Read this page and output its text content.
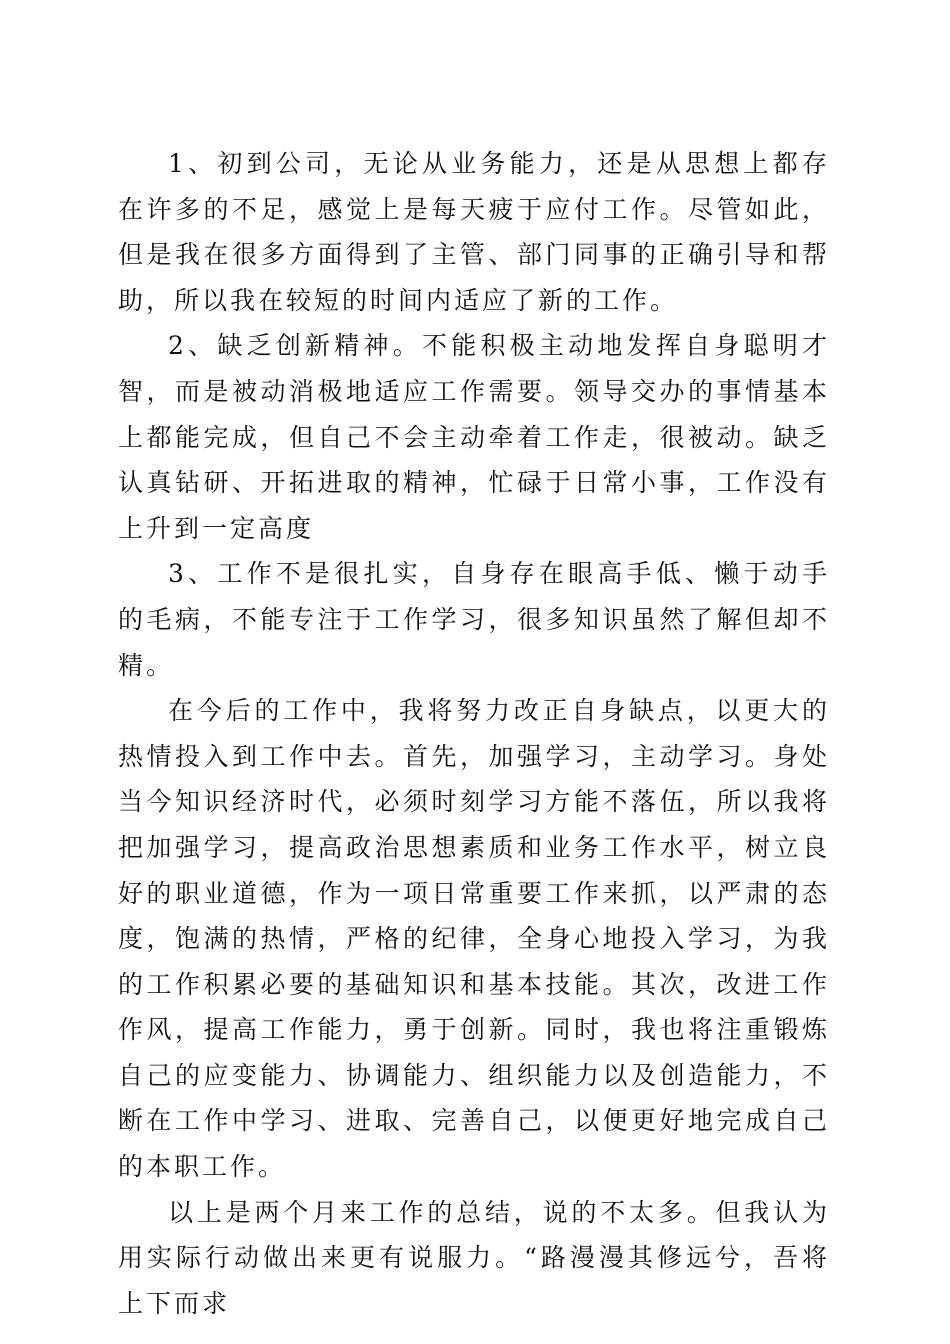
1、初到公司，无论从业务能力，还是从思想上都存在许多的不足，感觉上是每天疲于应付工作。尽管如此，但是我在很多方面得到了主管、部门同事的正确引导和帮助，所以我在较短的时间内适应了新的工作。

2、缺乏创新精神。不能积极主动地发挥自身聪明才智，而是被动消极地适应工作需要。领导交办的事情基本上都能完成，但自己不会主动牵着工作走，很被动。缺乏认真钻研、开拓进取的精神，忙碌于日常小事，工作没有上升到一定高度

3、工作不是很扎实，自身存在眼高手低、懒于动手的毛病，不能专注于工作学习，很多知识虽然了解但却不精。

在今后的工作中，我将努力改正自身缺点，以更大的热情投入到工作中去。首先，加强学习，主动学习。身处当今知识经济时代，必须时刻学习方能不落伍，所以我将把加强学习，提高政治思想素质和业务工作水平，树立良好的职业道德，作为一项日常重要工作来抓，以严肃的态度，饱满的热情，严格的纪律，全身心地投入学习，为我的工作积累必要的基础知识和基本技能。其次，改进工作作风，提高工作能力，勇于创新。同时，我也将注重锻炼自己的应变能力、协调能力、组织能力以及创造能力，不断在工作中学习、进取、完善自己，以便更好地完成自己的本职工作。

以上是两个月来工作的总结，说的不太多。但我认为用实际行动做出来更有说服力。“路漫漫其修远兮，吾将上下而求
